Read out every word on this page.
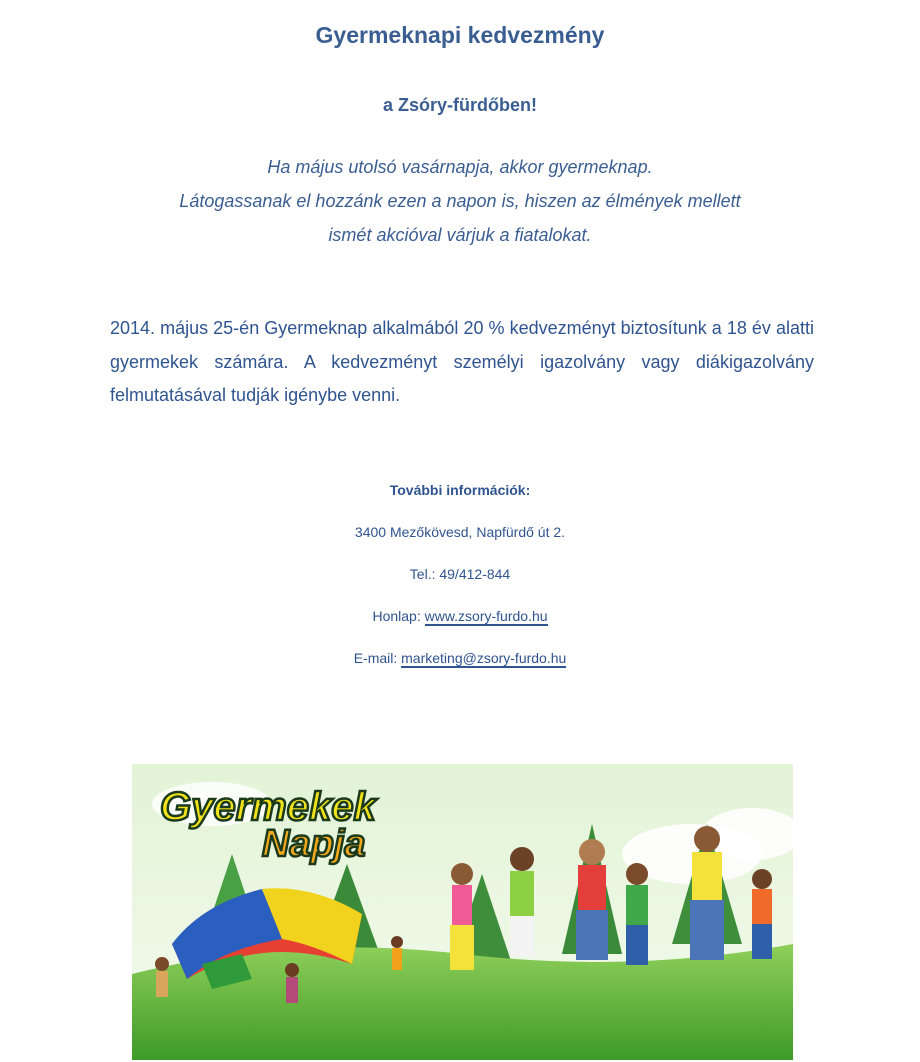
Gyermeknapi kedvezmény
a Zsóry-fürdőben!
Ha május utolsó vasárnapja, akkor gyermeknap.
Látogassanak el hozzánk ezen a napon is, hiszen az élmények mellett
ismét akcióval várjuk a fiatalokat.
2014. május 25-én Gyermeknap alkalmából 20 % kedvezményt biztosítunk a 18 év alatti gyermekek számára. A kedvezményt személyi igazolvány vagy diákigazolvány felmutatásával tudják igénybe venni.
További információk:
3400 Mezőkövesd, Napfürdő út 2.
Tel.: 49/412-844
Honlap: www.zsory-furdo.hu
E-mail: marketing@zsory-furdo.hu
Gyermekek
Napja
